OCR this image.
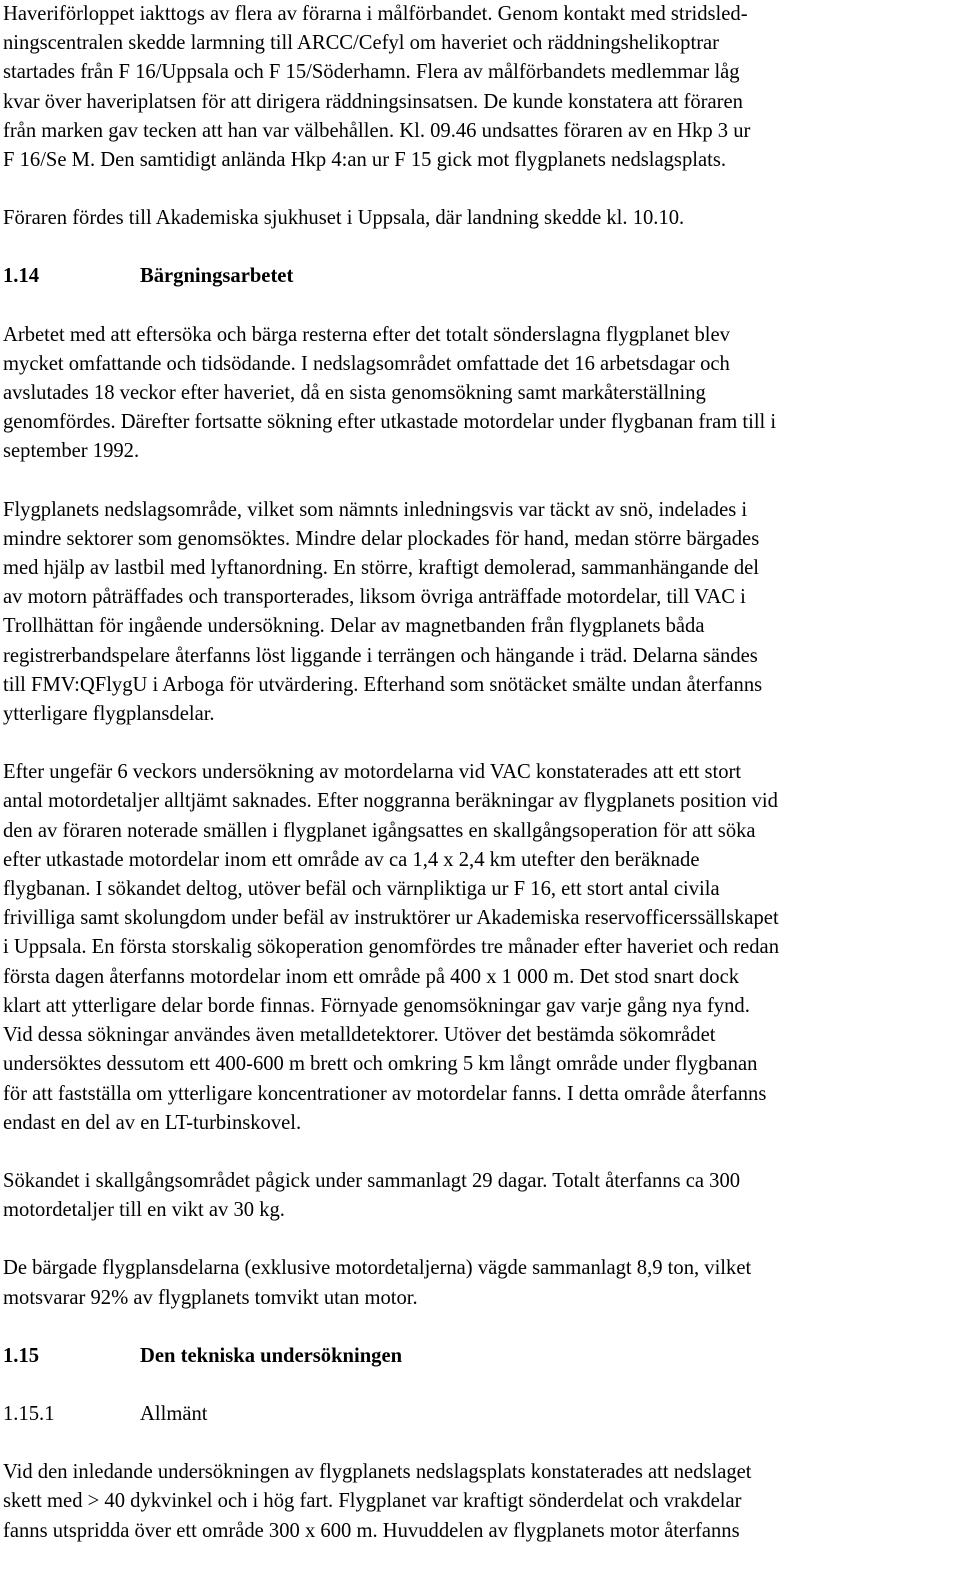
Haveriförloppet iakttogs av flera av förarna i målförbandet. Genom kontakt med stridsled-
ningscentralen skedde larmning till ARCC/Cefyl om haveriet och räddningshelikoptrar
startades från F 16/Uppsala och F 15/Söderhamn. Flera av målförbandets medlemmar låg
kvar över haveriplatsen för att dirigera räddningsinsatsen. De kunde konstatera att föraren
från marken gav tecken att han var välbehållen. Kl. 09.46 undsattes föraren av en Hkp 3 ur
F 16/Se M. Den samtidigt anlända Hkp 4:an ur F 15 gick mot flygplanets nedslagsplats.
Föraren fördes till Akademiska sjukhuset i Uppsala, där landning skedde kl. 10.10.
1.14	Bärgningsarbetet
Arbetet med att eftersöka och bärga resterna efter det totalt sönderslagna flygplanet blev
mycket omfattande och tidsödande. I nedslagsområdet omfattade det 16 arbetsdagar och
avslutades 18 veckor efter haveriet, då en sista genomsökning samt markåterställning
genomfördes. Därefter fortsatte sökning efter utkastade motordelar under flygbanan fram till i
september 1992.
Flygplanets nedslagsområde, vilket som nämnts inledningsvis var täckt av snö, indelades i
mindre sektorer som genomsöktes. Mindre delar plockades för hand, medan större bärgades
med hjälp av lastbil med lyftanordning. En större, kraftigt demolerad, sammanhängande del
av motorn påträffades och transporterades, liksom övriga anträffade motordelar, till VAC i
Trollhättan för ingående undersökning. Delar av magnetbanden från flygplanets båda
registrerbandspelare återfanns löst liggande i terrängen och hängande i träd. Delarna sändes
till FMV:QFlygU i Arboga för utvärdering. Efterhand som snötäcket smälte undan återfanns
ytterligare flygplansdelar.
Efter ungefär 6 veckors undersökning av motordelarna vid VAC konstaterades att ett stort
antal motordetaljer alltjämt saknades. Efter noggranna beräkningar av flygplanets position vid
den av föraren noterade smällen i flygplanet igångsattes en skallgångsoperation för att söka
efter utkastade motordelar inom ett område av ca 1,4 x 2,4 km utefter den beräknade
flygbanan. I sökandet deltog, utöver befäl och värnpliktiga ur F 16, ett stort antal civila
frivilliga samt skolungdom under befäl av instruktörer ur Akademiska reservofficerssällskapet
i Uppsala. En första storskalig sökoperation genomfördes tre månader efter haveriet och redan
första dagen återfanns motordelar inom ett område på 400 x 1 000 m. Det stod snart dock
klart att ytterligare delar borde finnas. Förnyade genomsökningar gav varje gång nya fynd.
Vid dessa sökningar användes även metalldetektorer. Utöver det bestämda sökområdet
undersöktes dessutom ett 400-600 m brett och omkring 5 km långt område under flygbanan
för att fastställa om ytterligare koncentrationer av motordelar fanns. I detta område återfanns
endast en del av en LT-turbinskovel.
Sökandet i skallgångsområdet pågick under sammanlagt 29 dagar. Totalt återfanns ca 300
motordetaljer till en vikt av 30 kg.
De bärgade flygplansdelarna (exklusive motordetaljerna) vägde sammanlagt 8,9 ton, vilket
motsvarar 92% av flygplanets tomvikt utan motor.
1.15	Den tekniska undersökningen
1.15.1	Allmänt
Vid den inledande undersökningen av flygplanets nedslagsplats konstaterades att nedslaget
skett med > 40 dykvinkel och i hög fart. Flygplanet var kraftigt sönderdelat och vrakdelar
fanns utspridda över ett område 300 x 600 m. Huvuddelen av flygplanets motor återfanns
